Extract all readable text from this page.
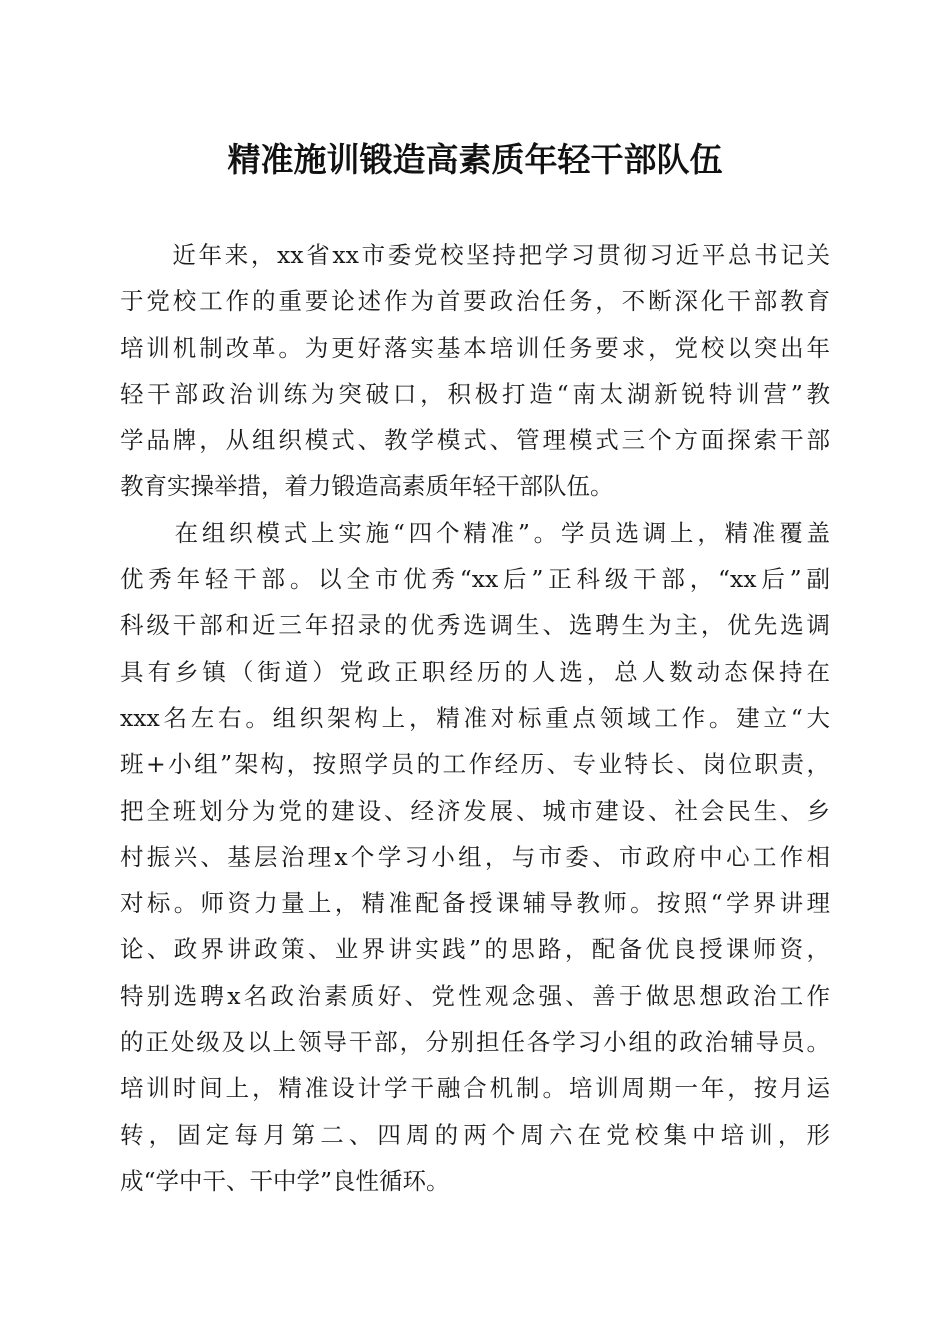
精准施训锻造高素质年轻干部队伍
　　近年来，xx省xx市委党校坚持把学习贯彻习近平总书记关
于党校工作的重要论述作为首要政治任务，不断深化干部教育
培训机制改革。为更好落实基本培训任务要求，党校以突出年
轻干部政治训练为突破口，积极打造“南太湖新锐特训营”教
学品牌，从组织模式、教学模式、管理模式三个方面探索干部
教育实操举措，着力锻造高素质年轻干部队伍。
　　在组织模式上实施“四个精准”。学员选调上，精准覆盖
优秀年轻干部。以全市优秀“xx后”正科级干部，“xx后”副
科级干部和近三年招录的优秀选调生、选聘生为主，优先选调
具有乡镇（街道）党政正职经历的人选，总人数动态保持在
xxx名左右。组织架构上，精准对标重点领域工作。建立“大
班+小组”架构，按照学员的工作经历、专业特长、岗位职责，
把全班划分为党的建设、经济发展、城市建设、社会民生、乡
村振兴、基层治理x个学习小组，与市委、市政府中心工作相
对标。师资力量上，精准配备授课辅导教师。按照“学界讲理
论、政界讲政策、业界讲实践”的思路，配备优良授课师资，
特别选聘x名政治素质好、党性观念强、善于做思想政治工作
的正处级及以上领导干部，分别担任各学习小组的政治辅导员。
培训时间上，精准设计学干融合机制。培训周期一年，按月运
转，固定每月第二、四周的两个周六在党校集中培训，形
成“学中干、干中学”良性循环。
